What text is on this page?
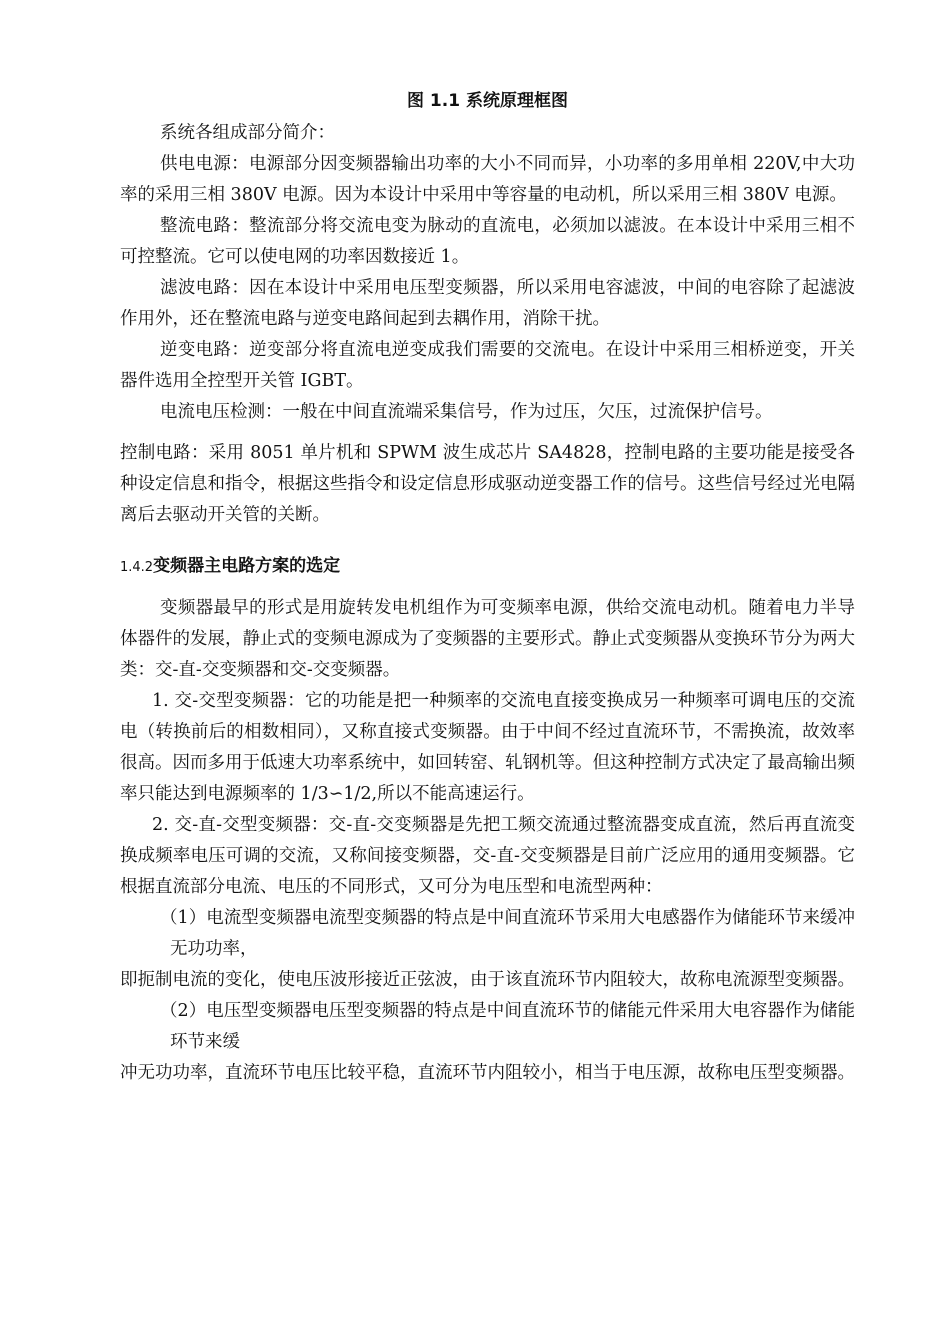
图 1.1 系统原理框图

系统各组成部分简介：

供电电源：电源部分因变频器输出功率的大小不同而异，小功率的多用单相 220V,中大功率的采用三相 380V 电源。因为本设计中采用中等容量的电动机，所以采用三相 380V 电源。

整流电路：整流部分将交流电变为脉动的直流电，必须加以滤波。在本设计中采用三相不可控整流。它可以使电网的功率因数接近 1。

滤波电路：因在本设计中采用电压型变频器，所以采用电容滤波，中间的电容除了起滤波作用外，还在整流电路与逆变电路间起到去耦作用，消除干扰。

逆变电路：逆变部分将直流电逆变成我们需要的交流电。在设计中采用三相桥逆变，开关器件选用全控型开关管 IGBT。

电流电压检测：一般在中间直流端采集信号，作为过压，欠压，过流保护信号。

控制电路：采用 8051 单片机和 SPWM 波生成芯片 SA4828，控制电路的主要功能是接受各种设定信息和指令，根据这些指令和设定信息形成驱动逆变器工作的信号。这些信号经过光电隔离后去驱动开关管的关断。

1.4.2变频器主电路方案的选定

变频器最早的形式是用旋转发电机组作为可变频率电源，供给交流电动机。随着电力半导体器件的发展，静止式的变频电源成为了变频器的主要形式。静止式变频器从变换环节分为两大类：交-直-交变频器和交-交变频器。

1. 交-交型变频器：它的功能是把一种频率的交流电直接变换成另一种频率可调电压的交流电（转换前后的相数相同），又称直接式变频器。由于中间不经过直流环节，不需换流，故效率很高。因而多用于低速大功率系统中，如回转窑、轧钢机等。但这种控制方式决定了最高输出频率只能达到电源频率的 1/3∽1/2,所以不能高速运行。

2. 交-直-交型变频器：交-直-交变频器是先把工频交流通过整流器变成直流，然后再直流变换成频率电压可调的交流，又称间接变频器，交-直-交变频器是目前广泛应用的通用变频器。它根据直流部分电流、电压的不同形式，又可分为电压型和电流型两种：

（1）电流型变频器电流型变频器的特点是中间直流环节采用大电感器作为储能环节来缓冲无功功率，

即扼制电流的变化，使电压波形接近正弦波，由于该直流环节内阻较大，故称电流源型变频器。

（2）电压型变频器电压型变频器的特点是中间直流环节的储能元件采用大电容器作为储能环节来缓

冲无功功率，直流环节电压比较平稳，直流环节内阻较小，相当于电压源，故称电压型变频器。
